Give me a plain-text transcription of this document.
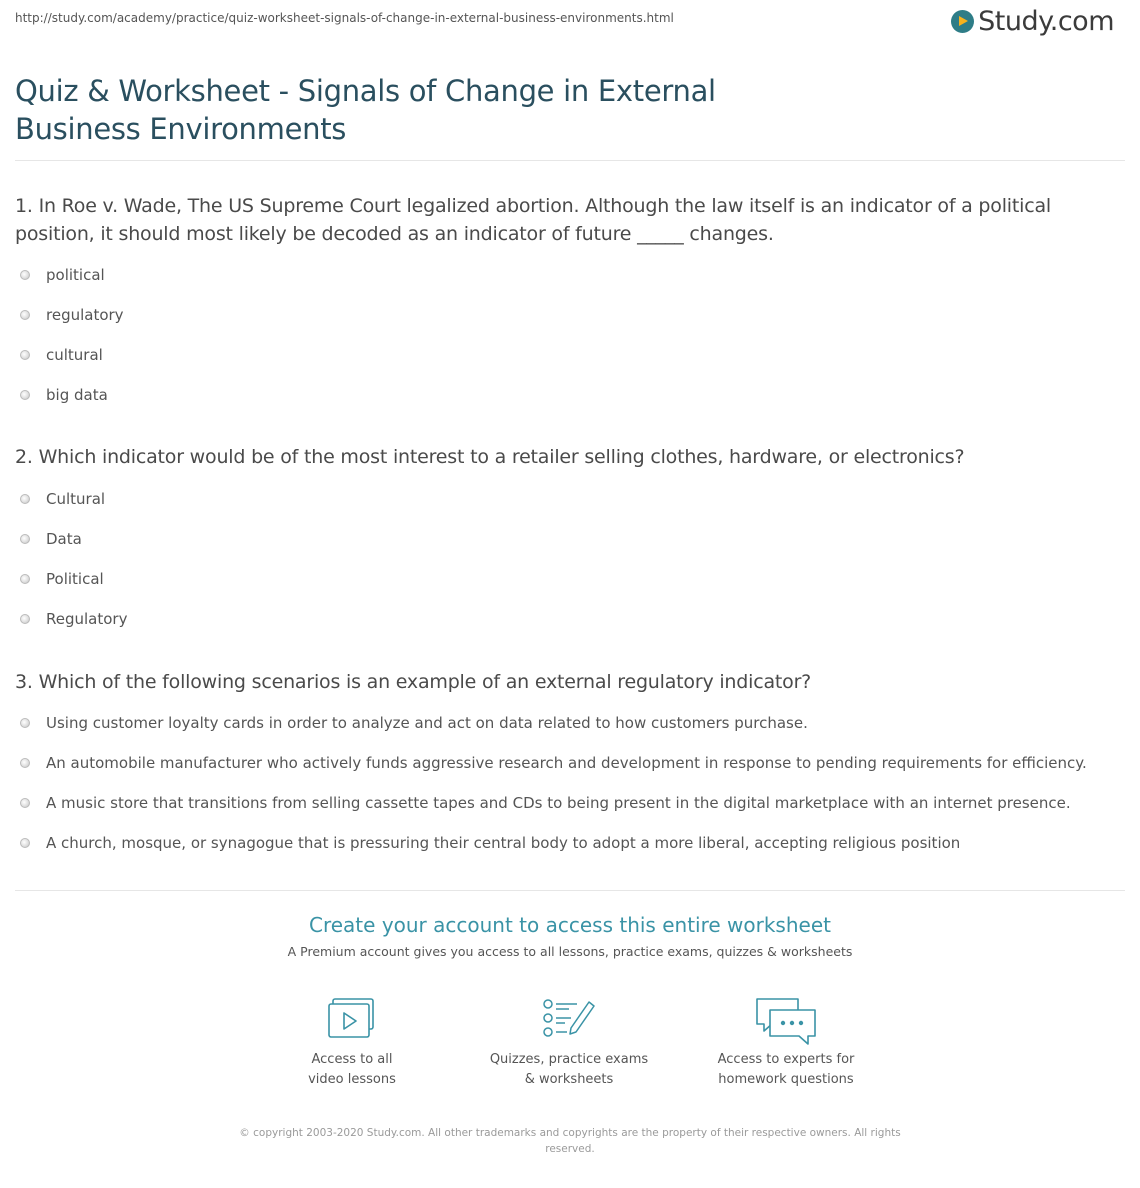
http://study.com/academy/practice/quiz-worksheet-signals-of-change-in-external-business-environments.html	Study.com
Quiz & Worksheet - Signals of Change in External Business Environments
1. In Roe v. Wade, The US Supreme Court legalized abortion. Although the law itself is an indicator of a political position, it should most likely be decoded as an indicator of future _____ changes.
political
regulatory
cultural
big data
2. Which indicator would be of the most interest to a retailer selling clothes, hardware, or electronics?
Cultural
Data
Political
Regulatory
3. Which of the following scenarios is an example of an external regulatory indicator?
Using customer loyalty cards in order to analyze and act on data related to how customers purchase.
An automobile manufacturer who actively funds aggressive research and development in response to pending requirements for efficiency.
A music store that transitions from selling cassette tapes and CDs to being present in the digital marketplace with an internet presence.
A church, mosque, or synagogue that is pressuring their central body to adopt a more liberal, accepting religious position
Create your account to access this entire worksheet
A Premium account gives you access to all lessons, practice exams, quizzes & worksheets
Access to all
video lessons
Quizzes, practice exams
& worksheets
Access to experts for
homework questions
© copyright 2003-2020 Study.com. All other trademarks and copyrights are the property of their respective owners. All rights reserved.
